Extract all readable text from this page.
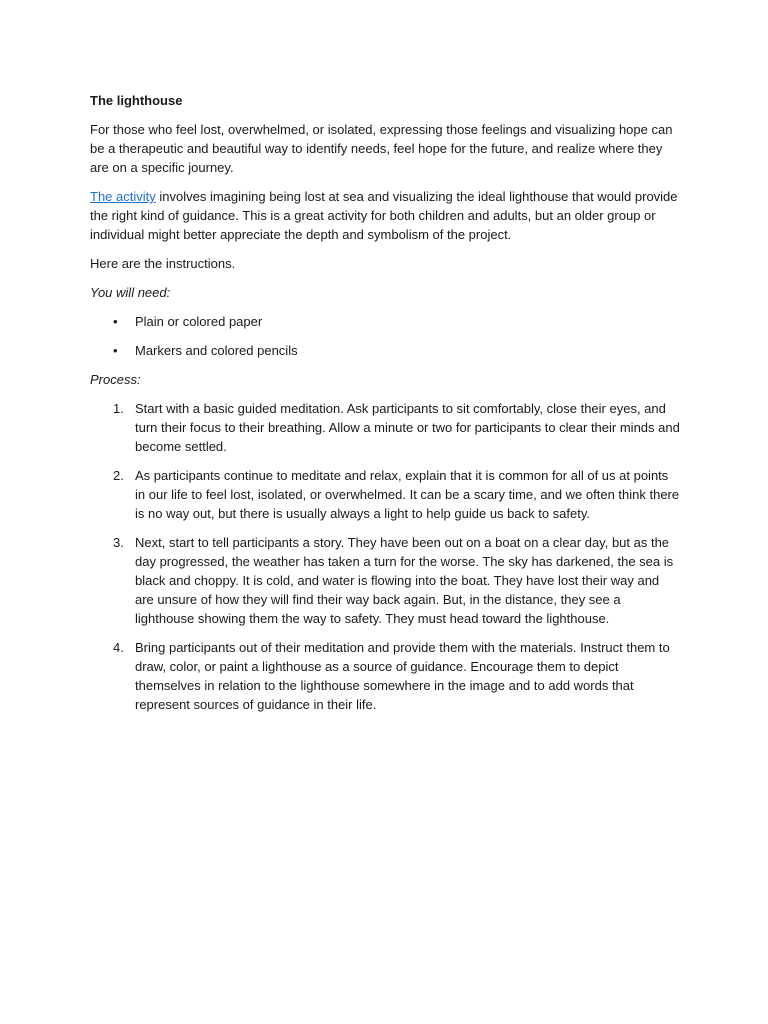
The lighthouse

For those who feel lost, overwhelmed, or isolated, expressing those feelings and visualizing hope can be a therapeutic and beautiful way to identify needs, feel hope for the future, and realize where they are on a specific journey.

The activity involves imagining being lost at sea and visualizing the ideal lighthouse that would provide the right kind of guidance. This is a great activity for both children and adults, but an older group or individual might better appreciate the depth and symbolism of the project.

Here are the instructions.

You will need:

• Plain or colored paper
• Markers and colored pencils

Process:

1. Start with a basic guided meditation. Ask participants to sit comfortably, close their eyes, and turn their focus to their breathing. Allow a minute or two for participants to clear their minds and become settled.
2. As participants continue to meditate and relax, explain that it is common for all of us at points in our life to feel lost, isolated, or overwhelmed. It can be a scary time, and we often think there is no way out, but there is usually always a light to help guide us back to safety.
3. Next, start to tell participants a story. They have been out on a boat on a clear day, but as the day progressed, the weather has taken a turn for the worse. The sky has darkened, the sea is black and choppy. It is cold, and water is flowing into the boat. They have lost their way and are unsure of how they will find their way back again. But, in the distance, they see a lighthouse showing them the way to safety. They must head toward the lighthouse.
4. Bring participants out of their meditation and provide them with the materials. Instruct them to draw, color, or paint a lighthouse as a source of guidance. Encourage them to depict themselves in relation to the lighthouse somewhere in the image and to add words that represent sources of guidance in their life.
